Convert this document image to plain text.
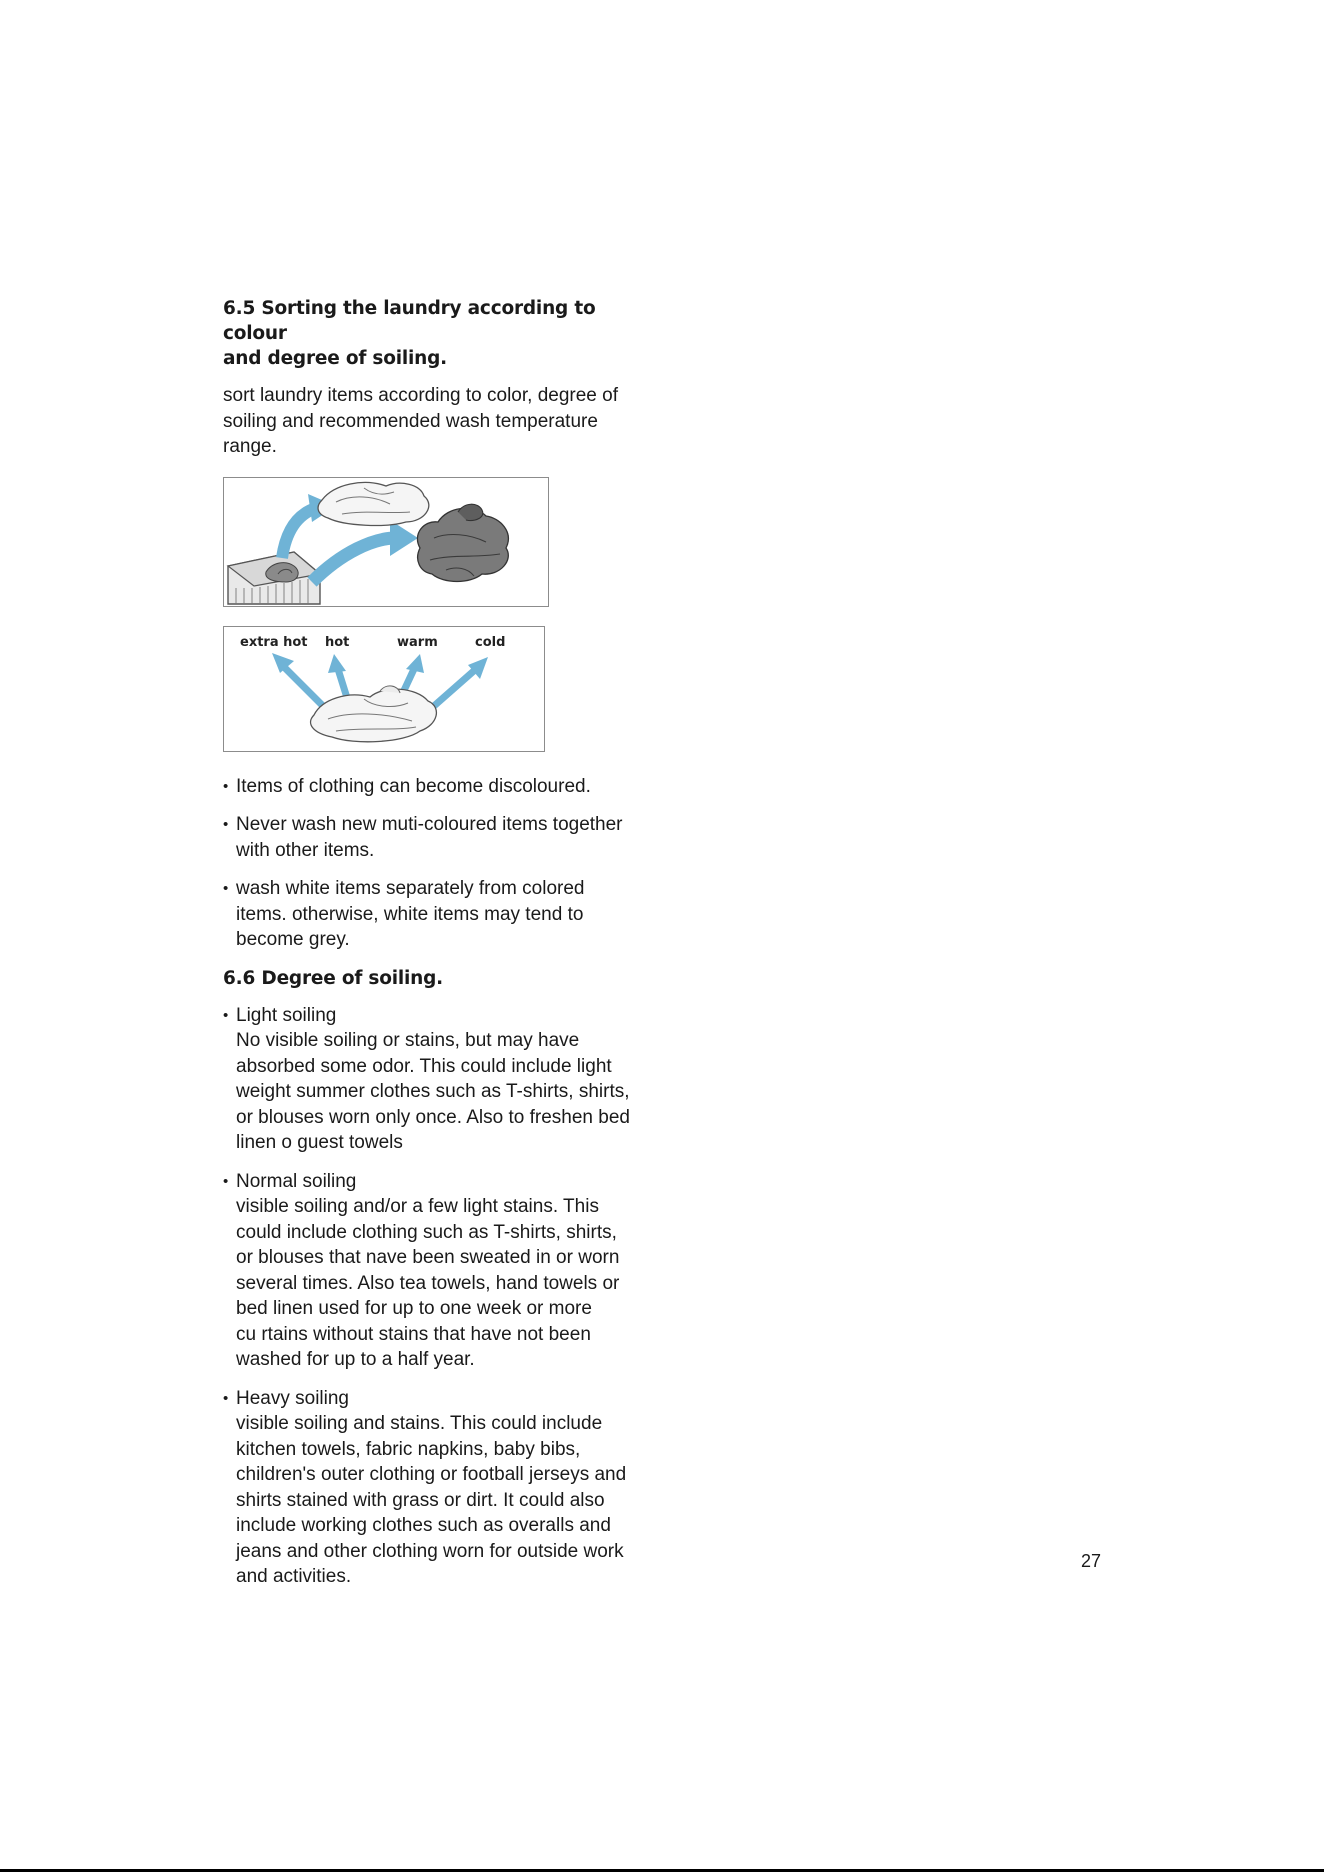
6.5 Sorting the laundry according to colour
and degree of soiling.

sort laundry items according to color, degree of
soiling and recommended wash temperature
range.

extra hot hot	warm	cold
• Items of clothing can become discoloured.
• Never wash new muti-coloured items together
with other items.
• wash white items separately from colored
items. otherwise, white items may tend to
become grey.
6.6 Degree of soiling.
• Light soiling
No visible soiling or stains, but may have
absorbed some odor. This could include light
weight summer clothes such as T-shirts, shirts,
or blouses worn only once. Also to freshen bed
linen o guest towels
• Normal soiling
visible soiling and/or a few light stains. This
could include clothing such as T-shirts, shirts,
or blouses that nave been sweated in or worn
several times. Also tea towels, hand towels or
bed linen used for up to one week or more
cu rtains without stains that have not been
washed for up to a half year.
• Heavy soiling
visible soiling and stains. This could include
kitchen towels, fabric napkins, baby bibs,
children's outer clothing or football jerseys and
shirts stained with grass or dirt. It could also
include working clothes such as overalls and
jeans and other clothing worn for outside work
and activities.
27
